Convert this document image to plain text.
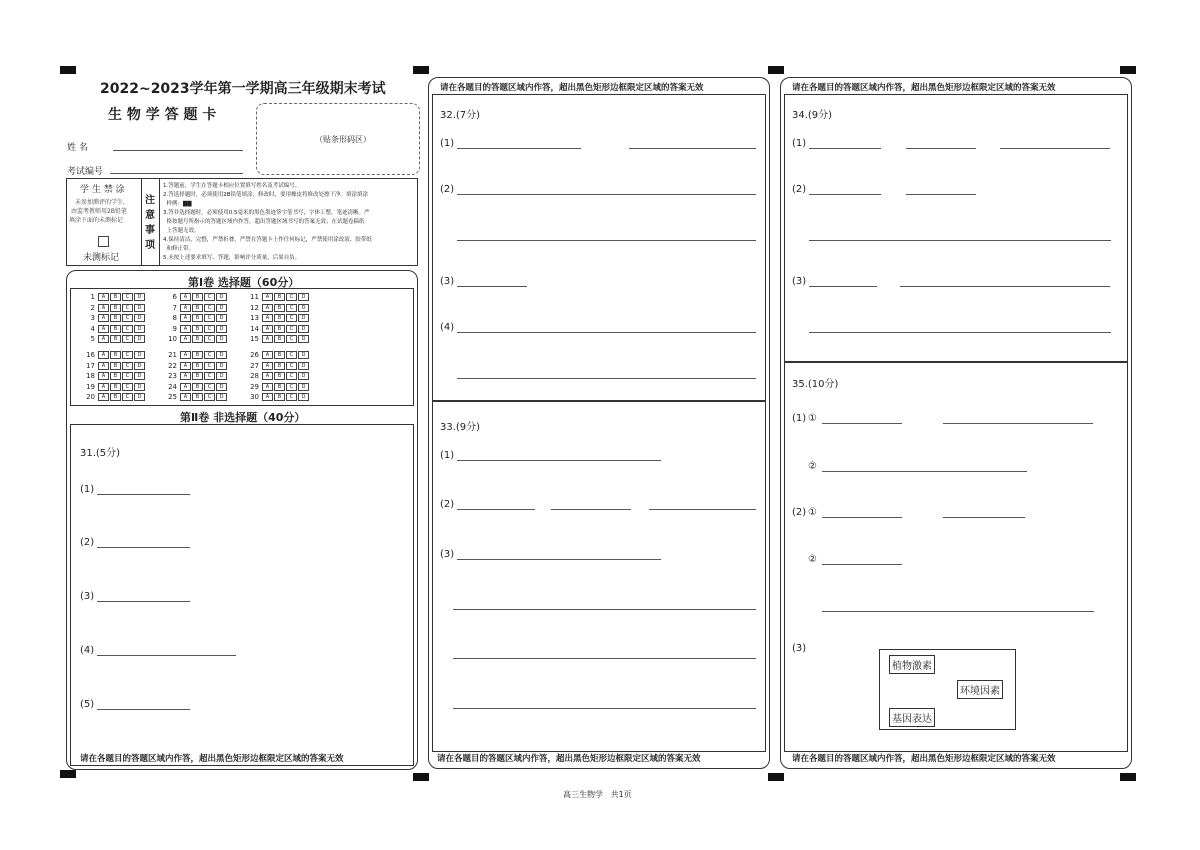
2022~2023学年第一学期高三年级期末考试
生 物 学 答 题 卡
（贴条形码区）
姓 名
考试编号
学 生 禁 涂
未参加测评的学生,
由监考教师用2B铅笔
填涂下面的未测标记
未测标记
注意事项
1.答题前，学生在答题卡相应位置填写姓名及考试编号。
2.答选择题时，必须使用2B铅笔填涂；修改时，要用橡皮将修改处擦干净。填涂填涂
样例：▇▇
3.答非选择题时，必须使用0.5毫米的黑色墨迹签字笔书写，字体工整，笔迹清晰。严
格按题号所指示的答题区域内作答，超出答题区域书写的答案无效；在试题卷稿纸
上答题无效。
4.保持清洁，完整，严禁折叠，严禁在答题卡上作任何标记，严禁使用涂改液、胶带纸
和修正带。
5.未按上述要求填写、答题，影响评分质量，后果自负。
第Ⅰ卷 选择题（60分）
1 A B C D
2 A B C D
3 A B C D
4 A B C D
5 A B C D
6 A B C D
7 A B C D
8 A B C D
9 A B C D
10 A B C D
11 A B C D
12 A B C D
13 A B C D
14 A B C D
15 A B C D
16 A B C D
17 A B C D
18 A B C D
19 A B C D
20 A B C D
21 A B C D
22 A B C D
23 A B C D
24 A B C D
25 A B C D
26 A B C D
27 A B C D
28 A B C D
29 A B C D
30 A B C D
第Ⅱ卷 非选择题（40分）
31.(5分)
(1)
(2)
(3)
(4)
(5)
请在各题目的答题区域内作答，超出黑色矩形边框限定区域的答案无效
请在各题目的答题区域内作答，超出黑色矩形边框限定区域的答案无效
32.(7分)
(1)
(2)
(3)
(4)
33.(9分)
(1)
(2)
(3)
请在各题目的答题区域内作答，超出黑色矩形边框限定区域的答案无效
请在各题目的答题区域内作答，超出黑色矩形边框限定区域的答案无效
34.(9分)
(1)
(2)
(3)
35.(10分)
(1) ①
②
(2) ①
②
(3)
植物激素
环境因素
基因表达
请在各题目的答题区域内作答，超出黑色矩形边框限定区域的答案无效
高三生物学   共1页
